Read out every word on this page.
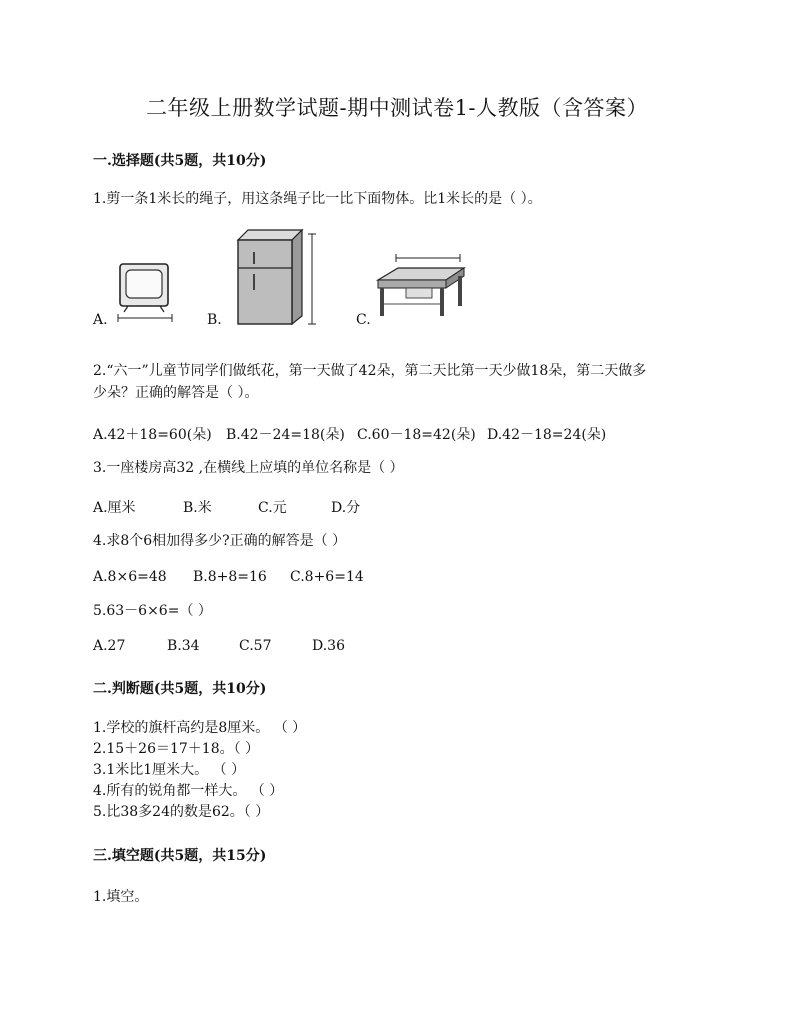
二年级上册数学试题-期中测试卷1-人教版（含答案）
一.选择题(共5题，共10分)
1.剪一条1米长的绳子，用这条绳子比一比下面物体。比1米长的是（ ）。
A.	B.	C.
2.“六一”儿童节同学们做纸花，第一天做了42朵，第二天比第一天少做18朵，第二天做多
少朵？正确的解答是（ ）。
A.42＋18=60(朵) B.42－24=18(朵) C.60－18=42(朵) D.42－18=24(朵)
3.一座楼房高32 ,在横线上应填的单位名称是（ ）
A.厘米	B.米	C.元	D.分
4.求8个6相加得多少?正确的解答是（ ）
A.8×6=48 B.8+8=16 C.8+6=14
5.63－6×6=（ ）
A.27	B.34	C.57	D.36
二.判断题(共5题，共10分)
1.学校的旗杆高约是8厘米。 （ ）
2.15＋26＝17＋18。（ ）
3.1米比1厘米大。 （ ）
4.所有的锐角都一样大。 （ ）
5.比38多24的数是62。（ ）
三.填空题(共5题，共15分)
1.填空。
